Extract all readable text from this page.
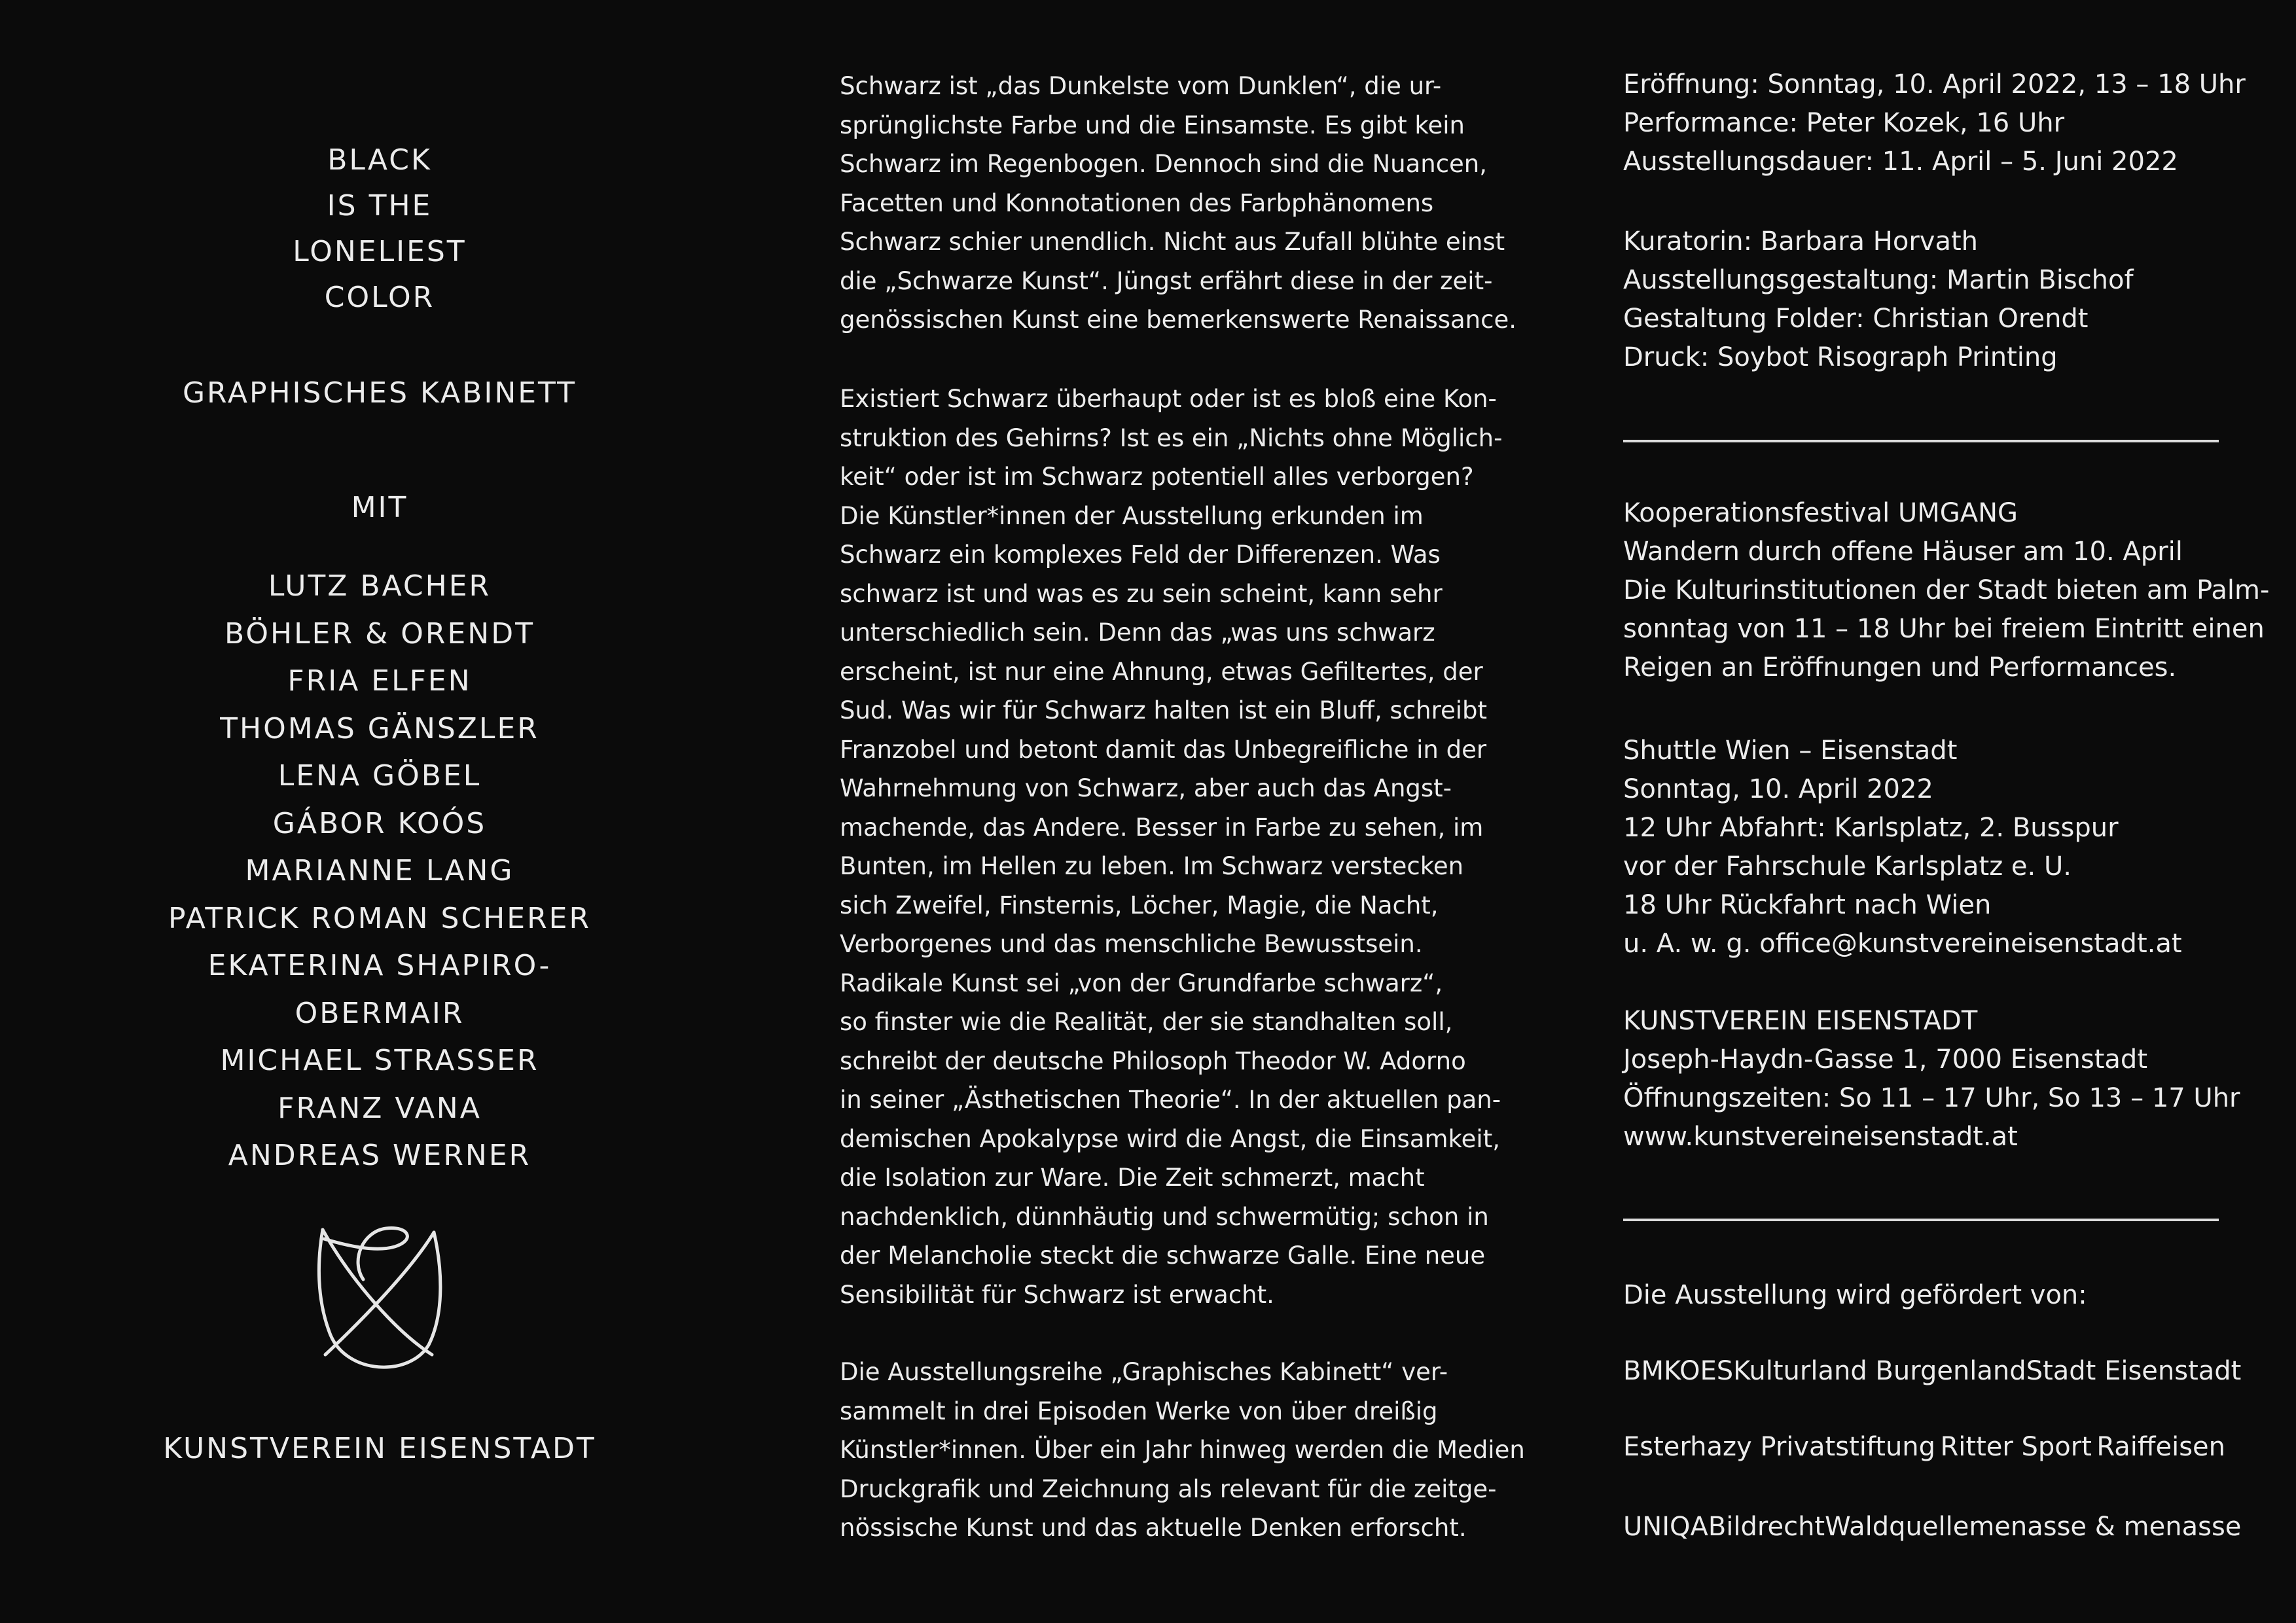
BLACK
IS THE
LONELIEST
COLOR
GRAPHISCHES KABINETT
MIT
LUTZ BACHER
BÖHLER & ORENDT
FRIA ELFEN
THOMAS GÄNSZLER
LENA GÖBEL
GÁBOR KOÓS
MARIANNE LANG
PATRICK ROMAN SCHERER
EKATERINA SHAPIRO-OBERMAIR
MICHAEL STRASSER
FRANZ VANA
ANDREAS WERNER
KUNSTVEREIN EISENSTADT
Schwarz ist „das Dunkelste vom Dunklen“, die ur-
sprünglichste Farbe und die Einsamste. Es gibt kein
Schwarz im Regenbogen. Dennoch sind die Nuancen,
Facetten und Konnotationen des Farbphänomens
Schwarz schier unendlich. Nicht aus Zufall blühte einst
die „Schwarze Kunst“. Jüngst erfährt diese in der zeit-
genössischen Kunst eine bemerkenswerte Renaissance.
Existiert Schwarz überhaupt oder ist es bloß eine Kon-
struktion des Gehirns? Ist es ein „Nichts ohne Möglich-
keit“ oder ist im Schwarz potentiell alles verborgen?
Die Künstler*innen der Ausstellung erkunden im
Schwarz ein komplexes Feld der Differenzen. Was
schwarz ist und was es zu sein scheint, kann sehr
unterschiedlich sein. Denn das „was uns schwarz
erscheint, ist nur eine Ahnung, etwas Gefiltertes, der
Sud. Was wir für Schwarz halten ist ein Bluff, schreibt
Franzobel und betont damit das Unbegreifliche in der
Wahrnehmung von Schwarz, aber auch das Angst-
machende, das Andere. Besser in Farbe zu sehen, im
Bunten, im Hellen zu leben. Im Schwarz verstecken
sich Zweifel, Finsternis, Löcher, Magie, die Nacht,
Verborgenes und das menschliche Bewusstsein.
Radikale Kunst sei „von der Grundfarbe schwarz“,
so finster wie die Realität, der sie standhalten soll,
schreibt der deutsche Philosoph Theodor W. Adorno
in seiner „Ästhetischen Theorie“. In der aktuellen pan-
demischen Apokalypse wird die Angst, die Einsamkeit,
die Isolation zur Ware. Die Zeit schmerzt, macht
nachdenklich, dünnhäutig und schwermütig; schon in
der Melancholie steckt die schwarze Galle. Eine neue
Sensibilität für Schwarz ist erwacht.
Die Ausstellungsreihe „Graphisches Kabinett“ ver-
sammelt in drei Episoden Werke von über dreißig
Künstler*innen. Über ein Jahr hinweg werden die Medien
Druckgrafik und Zeichnung als relevant für die zeitge-
nössische Kunst und das aktuelle Denken erforscht.
Eröffnung: Sonntag, 10. April 2022, 13 – 18 Uhr
Performance: Peter Kozek, 16 Uhr
Ausstellungsdauer: 11. April – 5. Juni 2022
Kuratorin: Barbara Horvath
Ausstellungsgestaltung: Martin Bischof
Gestaltung Folder: Christian Orendt
Druck: Soybot Risograph Printing
Kooperationsfestival UMGANG
Wandern durch offene Häuser am 10. April
Die Kulturinstitutionen der Stadt bieten am Palm-
sonntag von 11 – 18 Uhr bei freiem Eintritt einen
Reigen an Eröffnungen und Performances.
Shuttle Wien – Eisenstadt
Sonntag, 10. April 2022
12 Uhr Abfahrt: Karlsplatz, 2. Busspur
vor der Fahrschule Karlsplatz e. U.
18 Uhr Rückfahrt nach Wien
u. A. w. g. office@kunstvereineisenstadt.at
KUNSTVEREIN EISENSTADT
Joseph-Haydn-Gasse 1, 7000 Eisenstadt
Öffnungszeiten: So 11 – 17 Uhr, So 13 – 17 Uhr
www.kunstvereineisenstadt.at
Die Ausstellung wird gefördert von:
BMKOES Kulturland Burgenland Stadt Eisenstadt
Esterhazy Privatstiftung Ritter Sport Raiffeisen
UNIQA Bildrecht Waldquelle menasse & menasse
